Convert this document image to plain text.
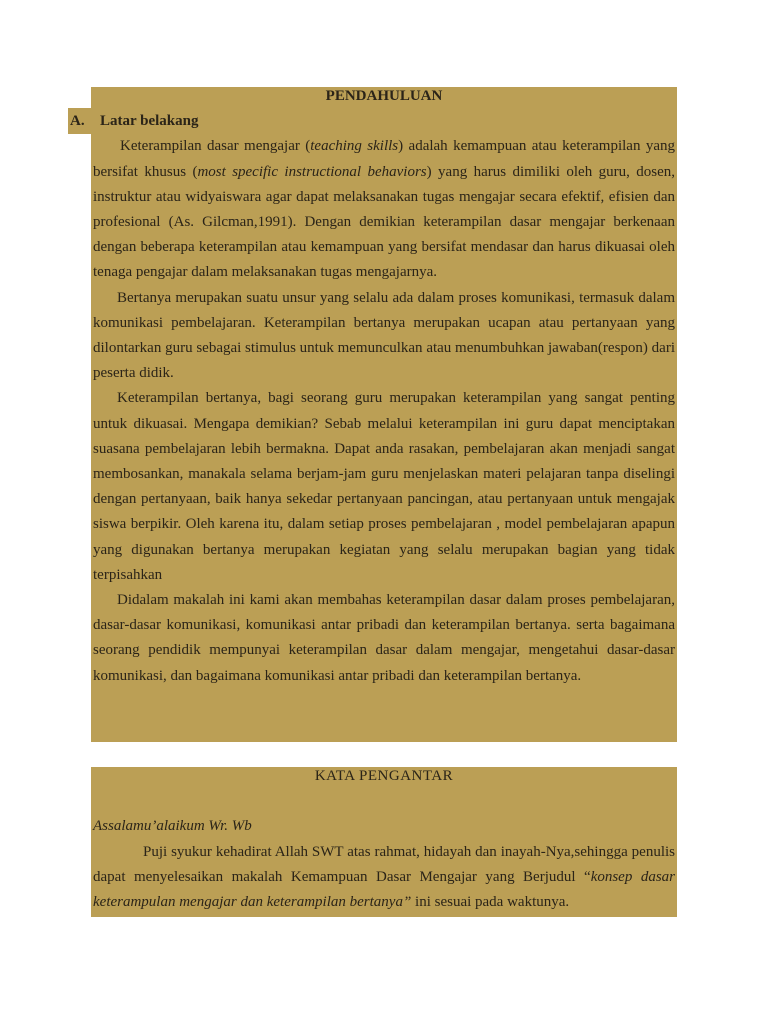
A. Latar belakang

PENDAHULUAN

Keterampilan dasar mengajar (teaching skills) adalah kemampuan atau keterampilan yang bersifat khusus (most specific instructional behaviors) yang harus dimiliki oleh guru, dosen, instruktur atau widyaiswara agar dapat melaksanakan tugas mengajar secara efektif, efisien dan profesional (As. Gilcman,1991). Dengan demikian keterampilan dasar mengajar berkenaan dengan beberapa keterampilan atau kemampuan yang bersifat mendasar dan harus dikuasai oleh tenaga pengajar dalam melaksanakan tugas mengajarnya.

Bertanya merupakan suatu unsur yang selalu ada dalam proses komunikasi, termasuk dalam komunikasi pembelajaran. Keterampilan bertanya merupakan ucapan atau pertanyaan yang dilontarkan guru sebagai stimulus untuk memunculkan atau menumbuhkan jawaban(respon) dari peserta didik.

Keterampilan bertanya, bagi seorang guru merupakan keterampilan yang sangat penting untuk dikuasai. Mengapa demikian? Sebab melalui keterampilan ini guru dapat menciptakan suasana pembelajaran lebih bermakna. Dapat anda rasakan, pembelajaran akan menjadi sangat membosankan, manakala selama berjam-jam guru menjelaskan materi pelajaran tanpa diselingi dengan pertanyaan, baik hanya sekedar pertanyaan pancingan, atau pertanyaan untuk mengajak siswa berpikir. Oleh karena itu, dalam setiap proses pembelajaran , model pembelajaran apapun yang digunakan bertanya merupakan kegiatan yang selalu merupakan bagian yang tidak terpisahkan

Didalam makalah ini kami akan membahas keterampilan dasar dalam proses pembelajaran, dasar-dasar komunikasi, komunikasi antar pribadi dan keterampilan bertanya. serta bagaimana seorang pendidik mempunyai keterampilan dasar dalam mengajar, mengetahui dasar-dasar komunikasi, dan bagaimana komunikasi antar pribadi dan keterampilan bertanya.

KATA PENGANTAR

Assalamu’alaikum Wr. Wb

Puji syukur kehadirat Allah SWT atas rahmat, hidayah dan inayah-Nya,sehingga penulis dapat menyelesaikan makalah Kemampuan Dasar Mengajar yang Berjudul “konsep dasar keterampulan mengajar dan keterampilan bertanya” ini sesuai pada waktunya.
